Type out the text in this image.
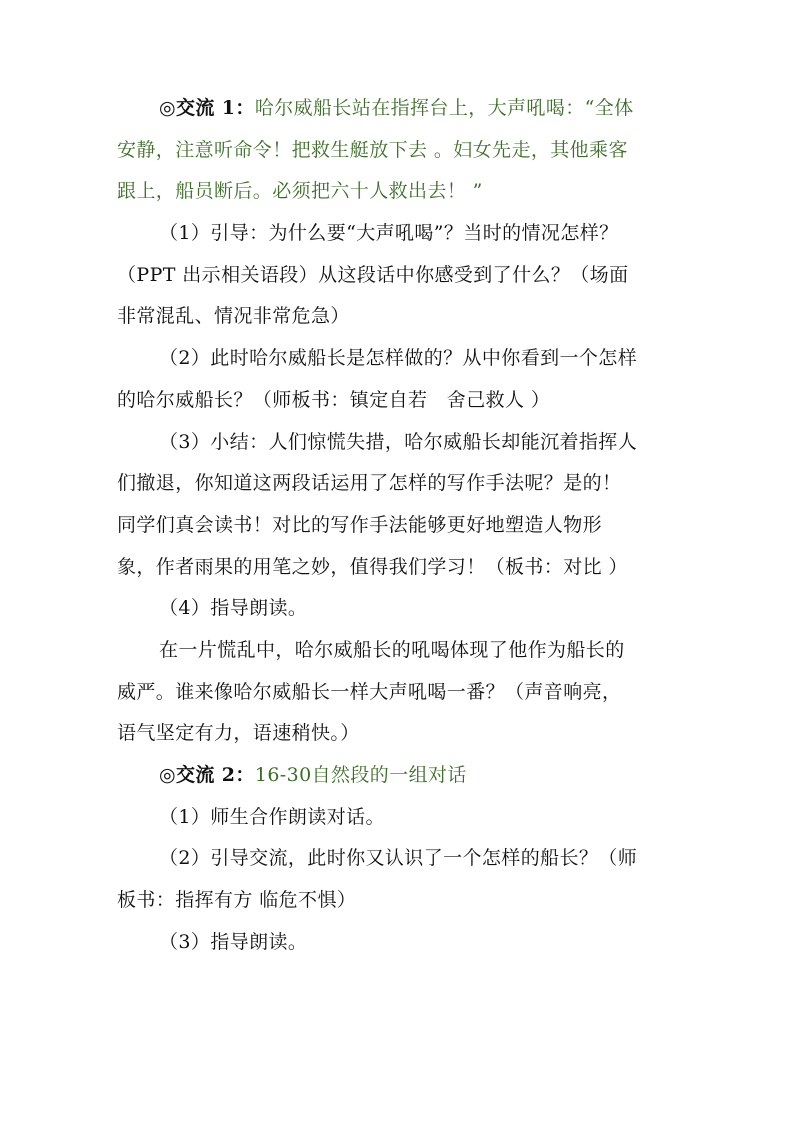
◎交流 1：哈尔威船长站在指挥台上，大声吼喝：“全体
安静，注意听命令！把救生艇放下去 。妇女先走，其他乘客
跟上，船员断后。必须把六十人救出去！ ”
（1）引导：为什么要“大声吼喝”？当时的情况怎样？
（PPT 出示相关语段）从这段话中你感受到了什么？（场面
非常混乱、情况非常危急）
（2）此时哈尔威船长是怎样做的？从中你看到一个怎样
的哈尔威船长？（师板书：镇定自若　舍己救人 ）
（3）小结：人们惊慌失措，哈尔威船长却能沉着指挥人
们撤退，你知道这两段话运用了怎样的写作手法呢？是的！
同学们真会读书！对比的写作手法能够更好地塑造人物形
象，作者雨果的用笔之妙，值得我们学习！（板书：对比 ）
（4）指导朗读。
在一片慌乱中，哈尔威船长的吼喝体现了他作为船长的
威严。谁来像哈尔威船长一样大声吼喝一番？（声音响亮，
语气坚定有力，语速稍快。）
◎交流 2：16-30自然段的一组对话
（1）师生合作朗读对话。
（2）引导交流，此时你又认识了一个怎样的船长？（师
板书：指挥有方 临危不惧）
（3）指导朗读。
